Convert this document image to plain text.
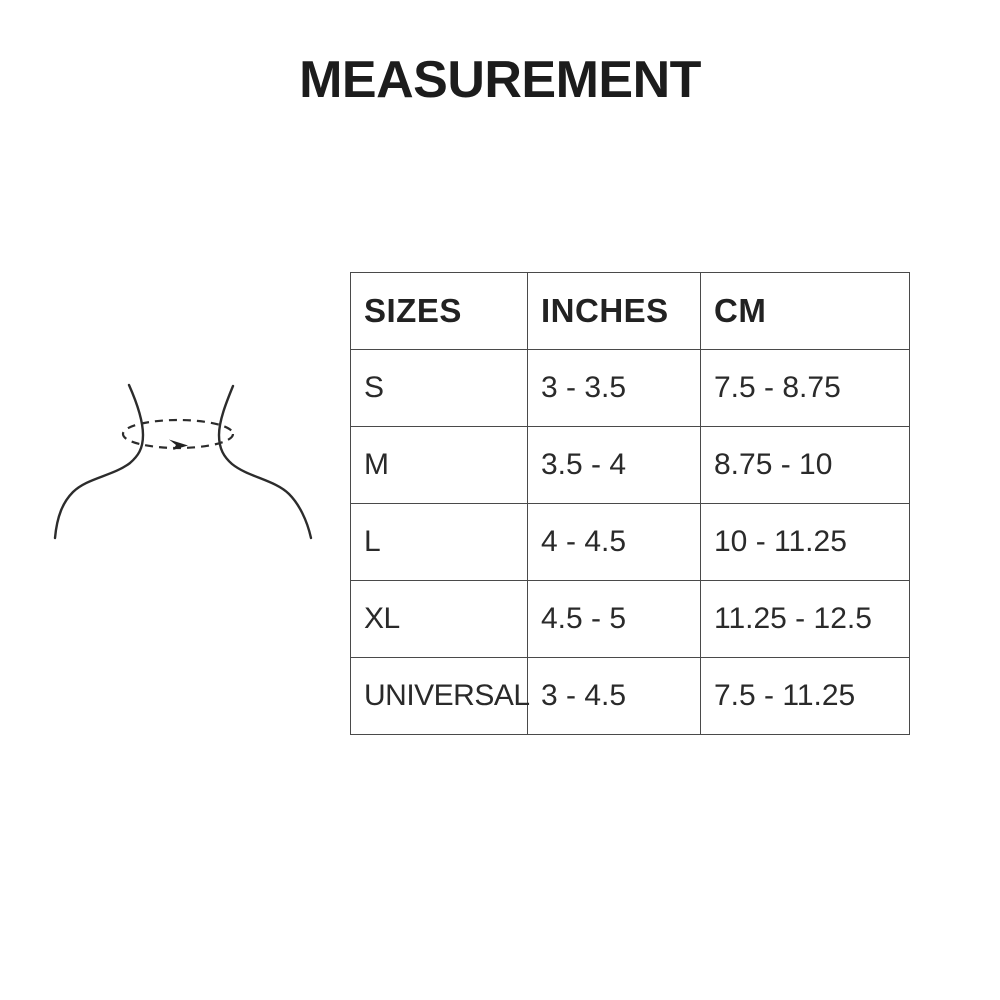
MEASUREMENT
SIZES	INCHES	CM
S	3 - 3.5	7.5 - 8.75
M	3.5 - 4	8.75 - 10
L	4 - 4.5	10 - 11.25
XL	4.5 - 5	11.25 - 12.5
UNIVERSAL	3 - 4.5	7.5 - 11.25
